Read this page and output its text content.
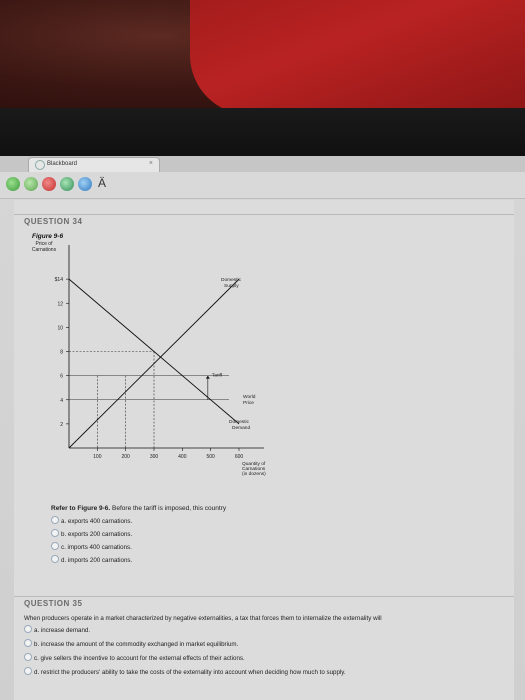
Blackboard	×
Ä
QUESTION 34
Figure 9-6
Price of
Carnations
$14
12
10
8
6
4
2
100	200	300	400	500	600
Tariff
World
Price
Domestic
Supply
Domestic
Demand
Quantity of
Carnations
(in dozens)
Refer to Figure 9-6. Before the tariff is imposed, this country
a. exports 400 carnations.
b. exports 200 carnations.
c. imports 400 carnations.
d. imports 200 carnations.
QUESTION 35
When producers operate in a market characterized by negative externalities, a tax that forces them to internalize the externality will
a. increase demand.
b. increase the amount of the commodity exchanged in market equilibrium.
c. give sellers the incentive to account for the external effects of their actions.
d. restrict the producers' ability to take the costs of the externality into account when deciding how much to supply.
